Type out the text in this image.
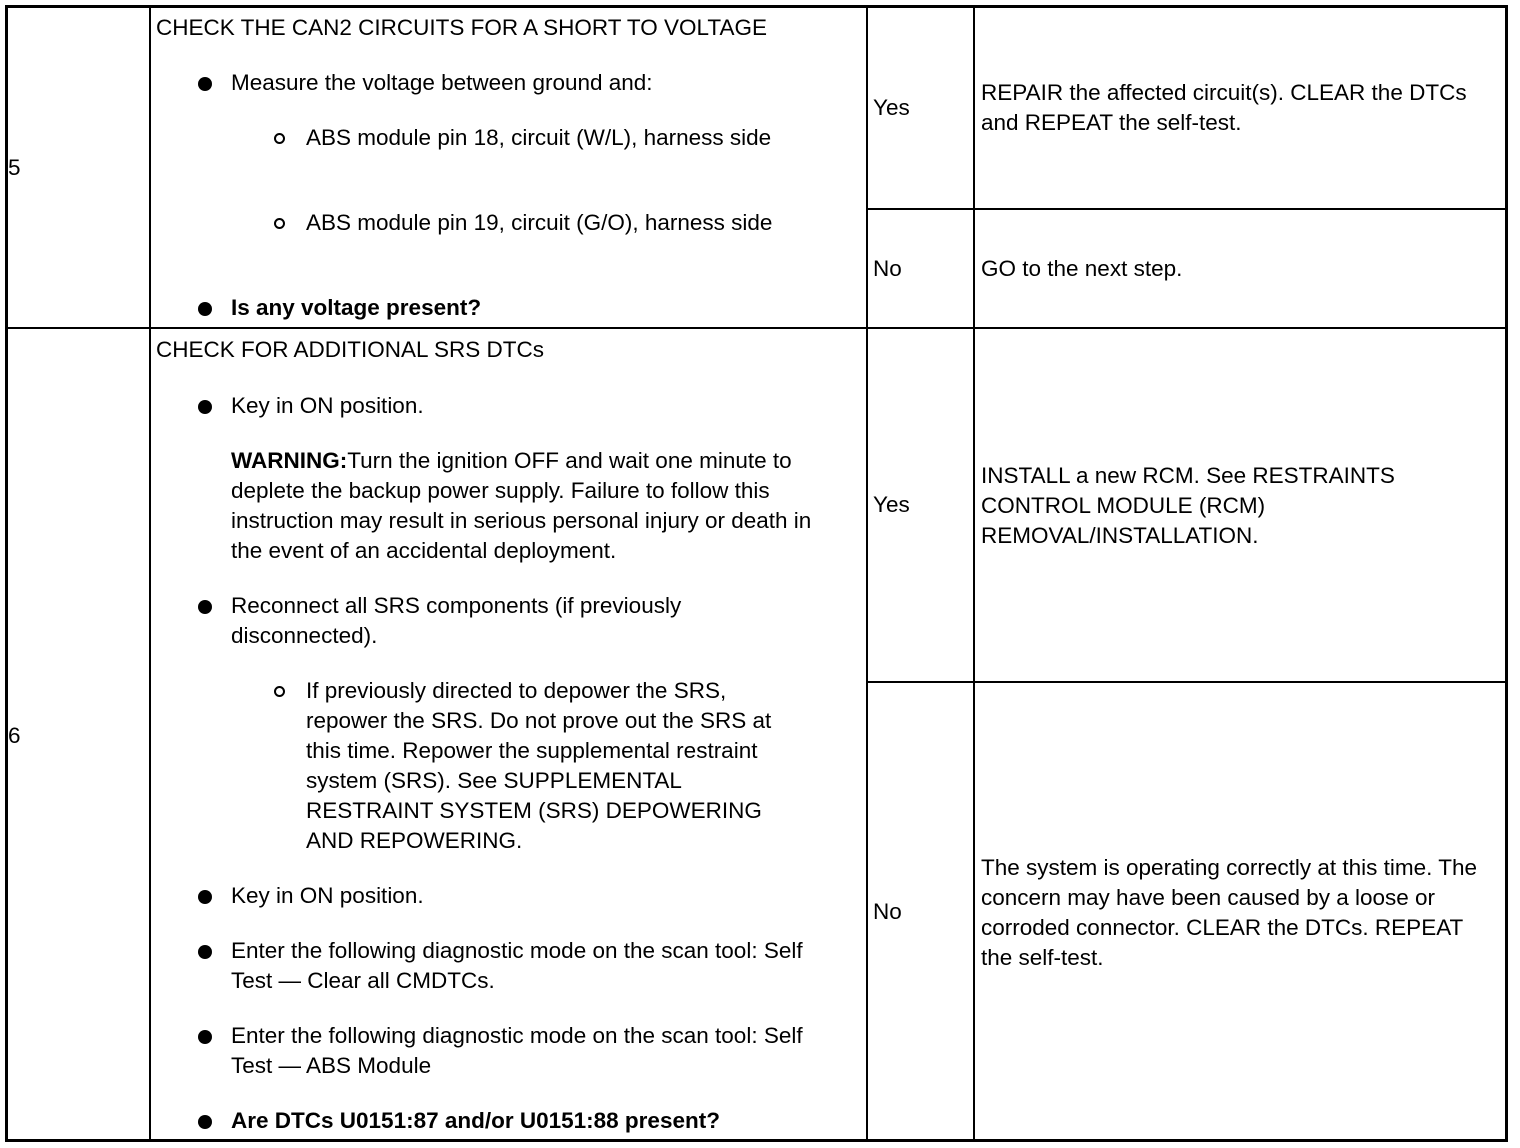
5
CHECK THE CAN2 CIRCUITS FOR A SHORT TO VOLTAGE
Measure the voltage between ground and:
ABS module pin 18, circuit (W/L), harness side
ABS module pin 19, circuit (G/O), harness side
Is any voltage present?
Yes
REPAIR the affected circuit(s). CLEAR the DTCs and REPEAT the self-test.
No	GO to the next step.
6
CHECK FOR ADDITIONAL SRS DTCs
Key in ON position.
WARNING:Turn the ignition OFF and wait one minute to deplete the backup power supply. Failure to follow this instruction may result in serious personal injury or death in the event of an accidental deployment.
Reconnect all SRS components (if previously disconnected).
If previously directed to depower the SRS, repower the SRS. Do not prove out the SRS at this time. Repower the supplemental restraint system (SRS). See SUPPLEMENTAL RESTRAINT SYSTEM (SRS) DEPOWERING AND REPOWERING.
Key in ON position.
Enter the following diagnostic mode on the scan tool: Self Test — Clear all CMDTCs.
Enter the following diagnostic mode on the scan tool: Self Test — ABS Module
Are DTCs U0151:87 and/or U0151:88 present?
Yes
INSTALL a new RCM. See RESTRAINTS CONTROL MODULE (RCM) REMOVAL/INSTALLATION.
No
The system is operating correctly at this time. The concern may have been caused by a loose or corroded connector. CLEAR the DTCs. REPEAT the self-test.
